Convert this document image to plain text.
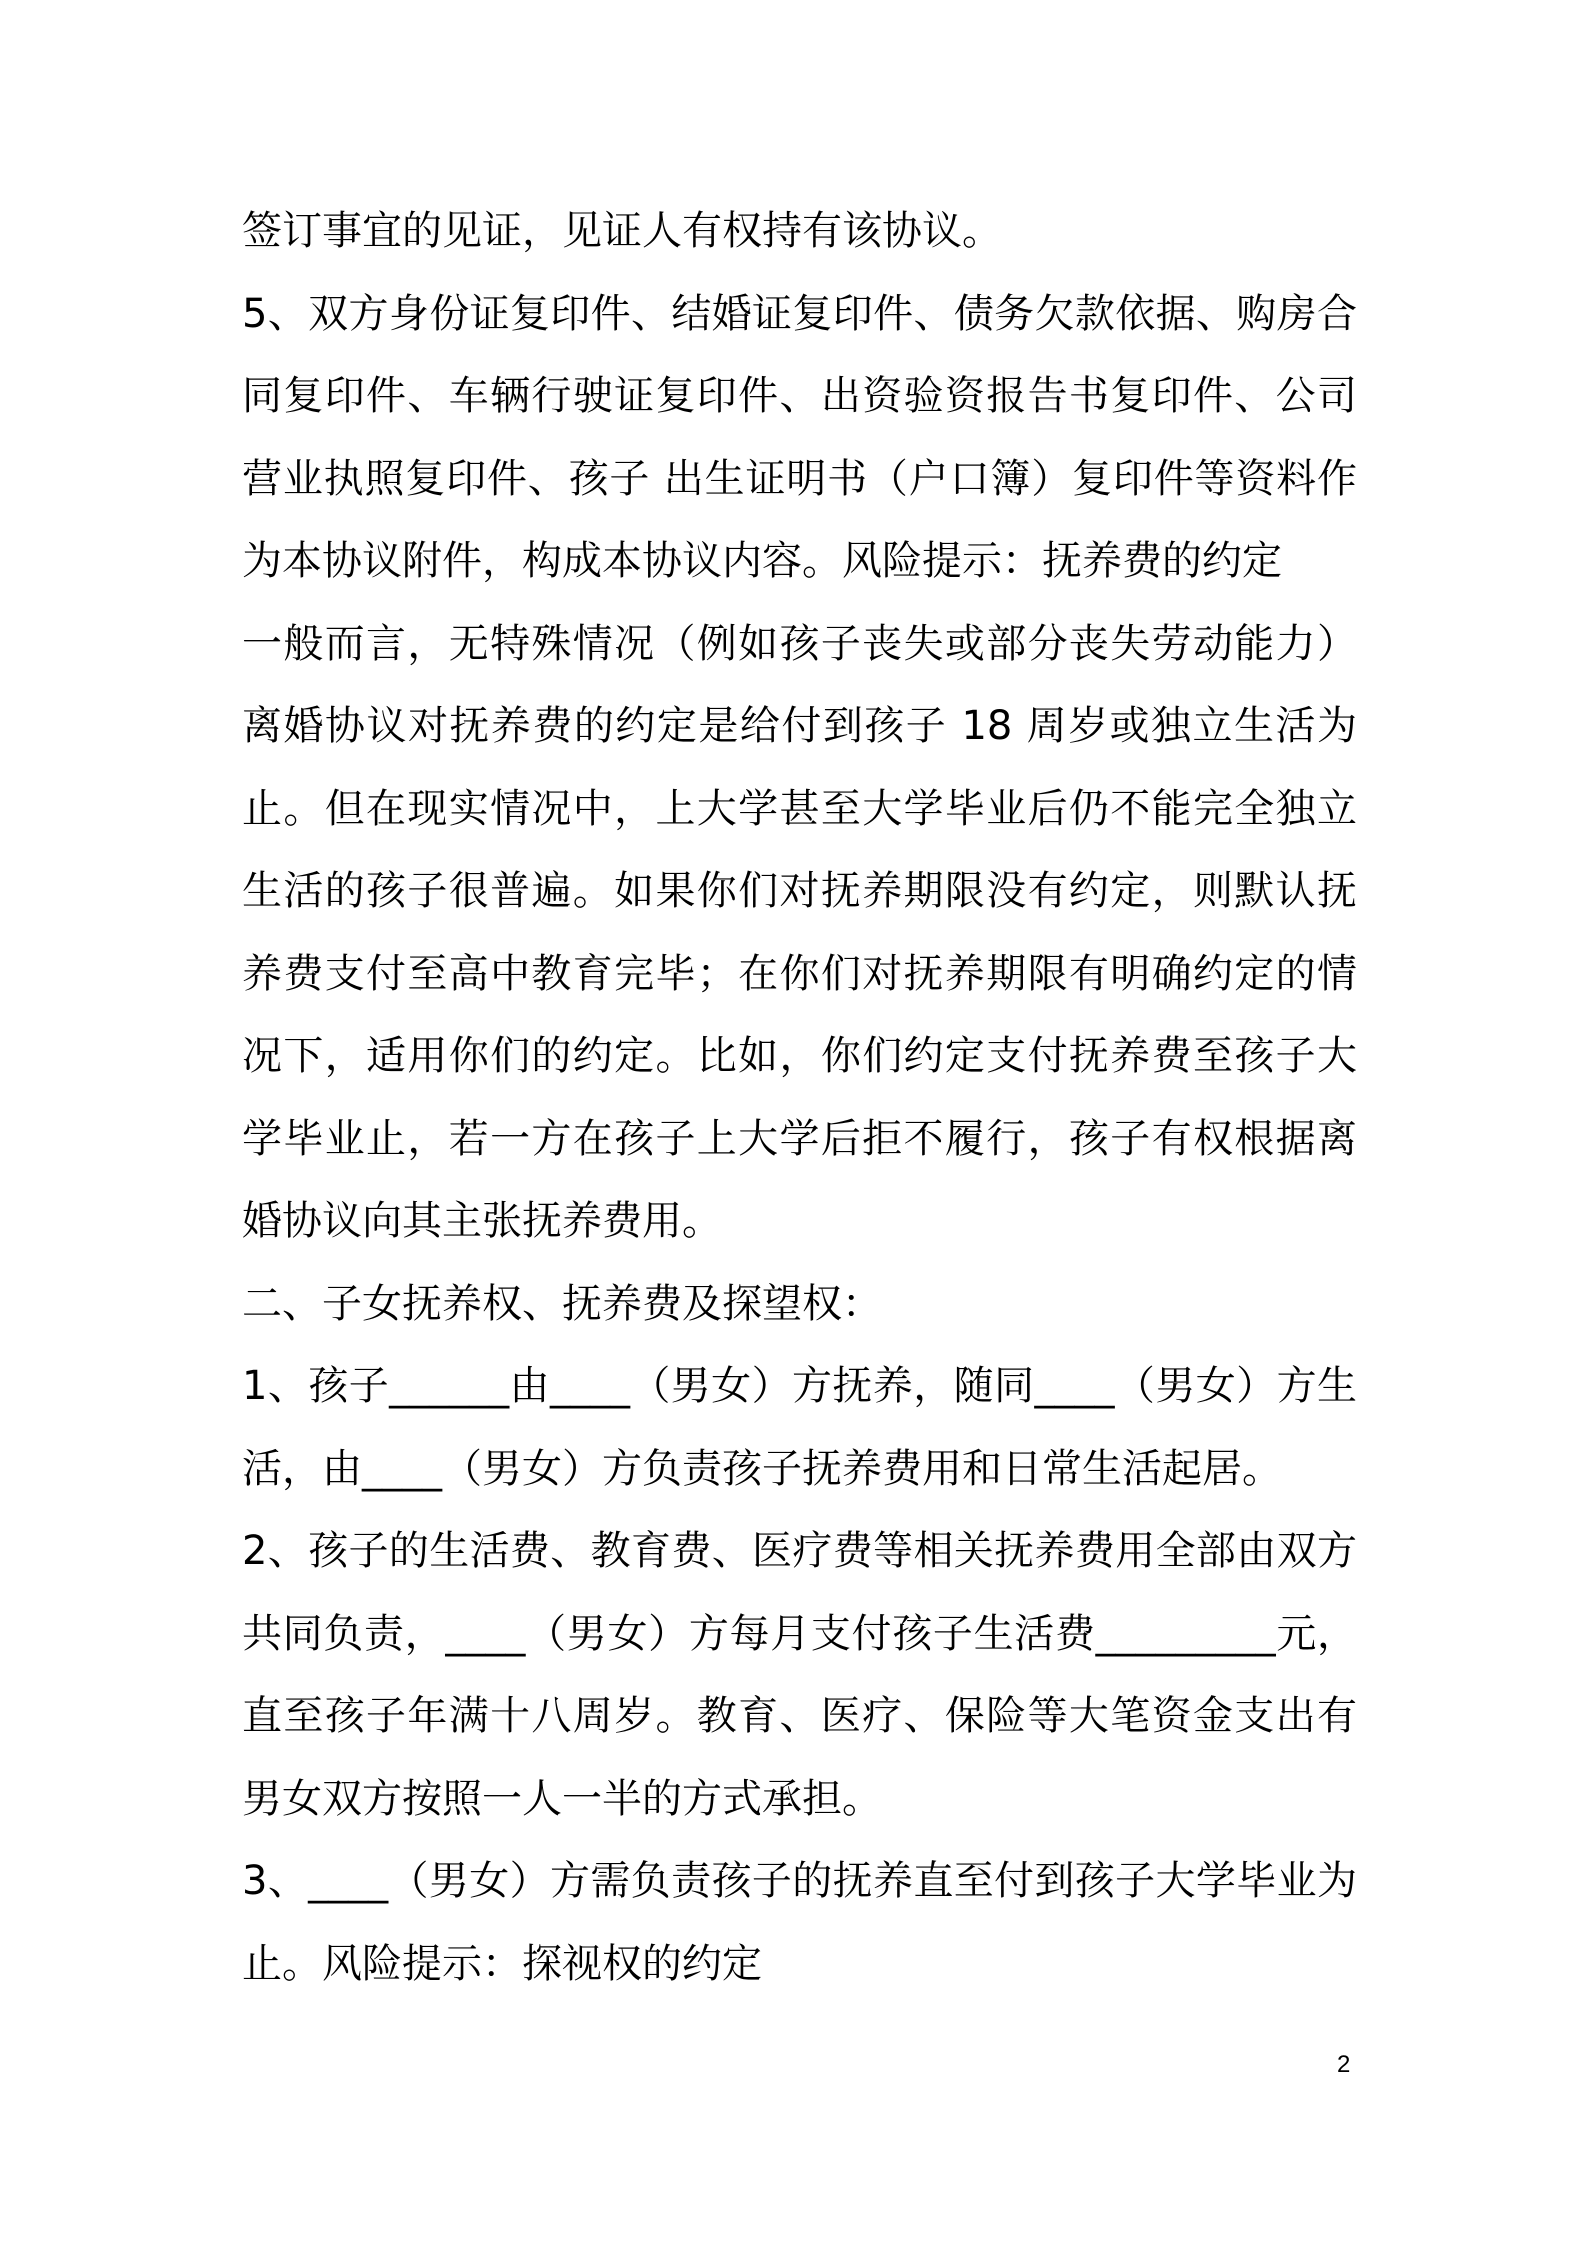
签订事宜的见证，见证人有权持有该协议。

5、双方身份证复印件、结婚证复印件、债务欠款依据、购房合同复印件、车辆行驶证复印件、出资验资报告书复印件、公司营业执照复印件、孩子 出生证明书（户口簿）复印件等资料作为本协议附件，构成本协议内容。风险提示：抚养费的约定

一般而言，无特殊情况（例如孩子丧失或部分丧失劳动能力）离婚协议对抚养费的约定是给付到孩子 18 周岁或独立生活为止。但在现实情况中，上大学甚至大学毕业后仍不能完全独立生活的孩子很普遍。如果你们对抚养期限没有约定，则默认抚养费支付至高中教育完毕；在你们对抚养期限有明确约定的情况下，适用你们的约定。比如，你们约定支付抚养费至孩子大学毕业止，若一方在孩子上大学后拒不履行，孩子有权根据离婚协议向其主张抚养费用。

二、子女抚养权、抚养费及探望权：

1、孩子______由____（男女）方抚养，随同____（男女）方生活，由____（男女）方负责孩子抚养费用和日常生活起居。

2、孩子的生活费、教育费、医疗费等相关抚养费用全部由双方共同负责，____（男女）方每月支付孩子生活费_________元，直至孩子年满十八周岁。教育、医疗、保险等大笔资金支出有男女双方按照一人一半的方式承担。

3、____（男女）方需负责孩子的抚养直至付到孩子大学毕业为止。风险提示：探视权的约定

2
